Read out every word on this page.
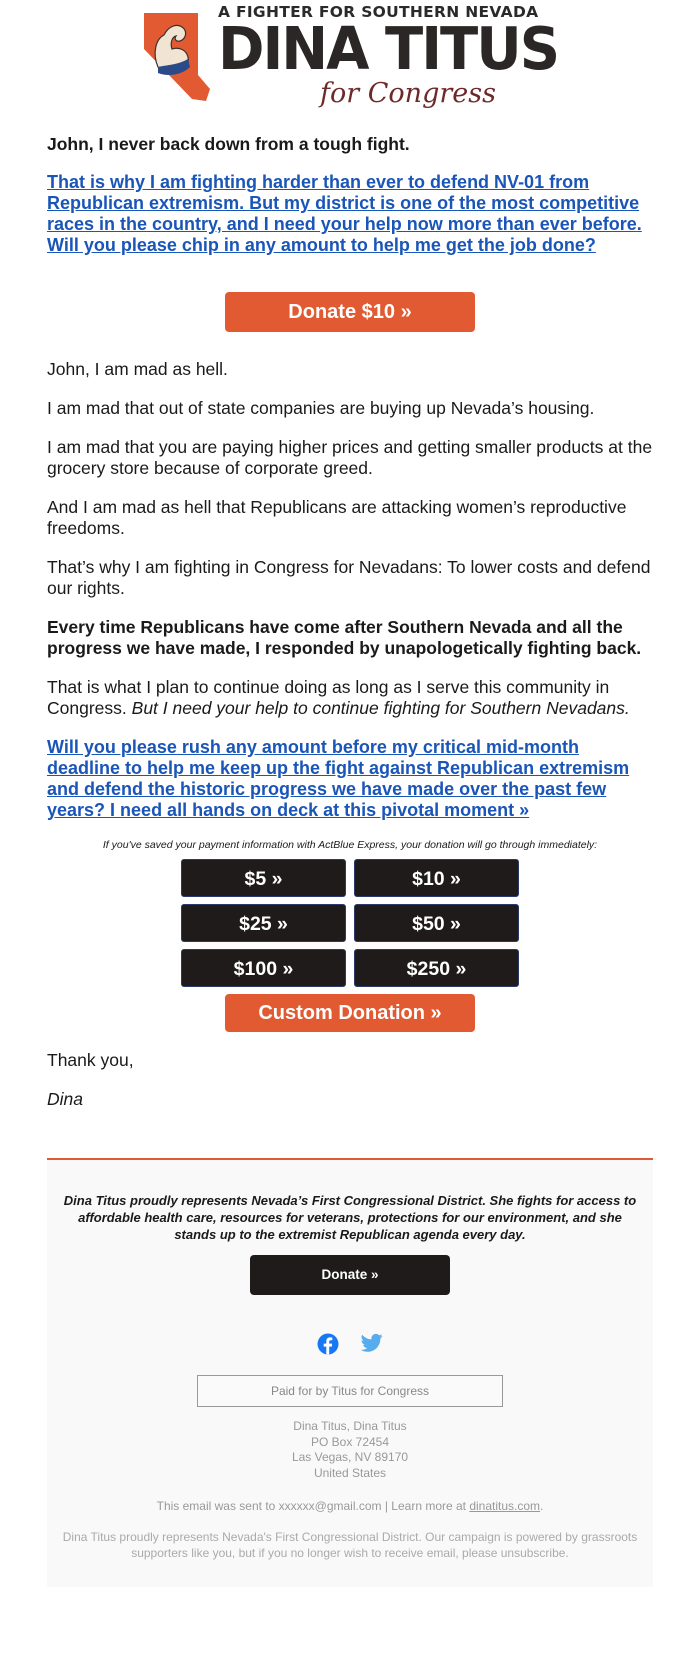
A FIGHTER FOR SOUTHERN NEVADA
DINA TITUS
for Congress

John, I never back down from a tough fight.

That is why I am fighting harder than ever to defend NV-01 from Republican extremism. But my district is one of the most competitive races in the country, and I need your help now more than ever before. Will you please chip in any amount to help me get the job done?
Donate $10 »

John, I am mad as hell.

I am mad that out of state companies are buying up Nevada’s housing.

I am mad that you are paying higher prices and getting smaller products at the grocery store because of corporate greed.

And I am mad as hell that Republicans are attacking women’s reproductive freedoms.

That’s why I am fighting in Congress for Nevadans: To lower costs and defend our rights.

Every time Republicans have come after Southern Nevada and all the progress we have made, I responded by unapologetically fighting back.

That is what I plan to continue doing as long as I serve this community in Congress. But I need your help to continue fighting for Southern Nevadans.

Will you please rush any amount before my critical mid-month deadline to help me keep up the fight against Republican extremism and defend the historic progress we have made over the past few years? I need all hands on deck at this pivotal moment »
If you've saved your payment information with ActBlue Express, your donation will go through immediately:
$5 »	$10 »
$25 »	$50 »
$100 »	$250 »
Custom Donation »

Thank you,

Dina

Dina Titus proudly represents Nevada’s First Congressional District. She fights for access to affordable health care, resources for veterans, protections for our environment, and she stands up to the extremist Republican agenda every day.

Donate »
Paid for by Titus for Congress
Dina Titus, Dina Titus
PO Box 72454
Las Vegas, NV 89170
United States
This email was sent to xxxxxx@gmail.com | Learn more at dinatitus.com.
Dina Titus proudly represents Nevada's First Congressional District. Our campaign is powered by grassroots supporters like you, but if you no longer wish to receive email, please unsubscribe.
